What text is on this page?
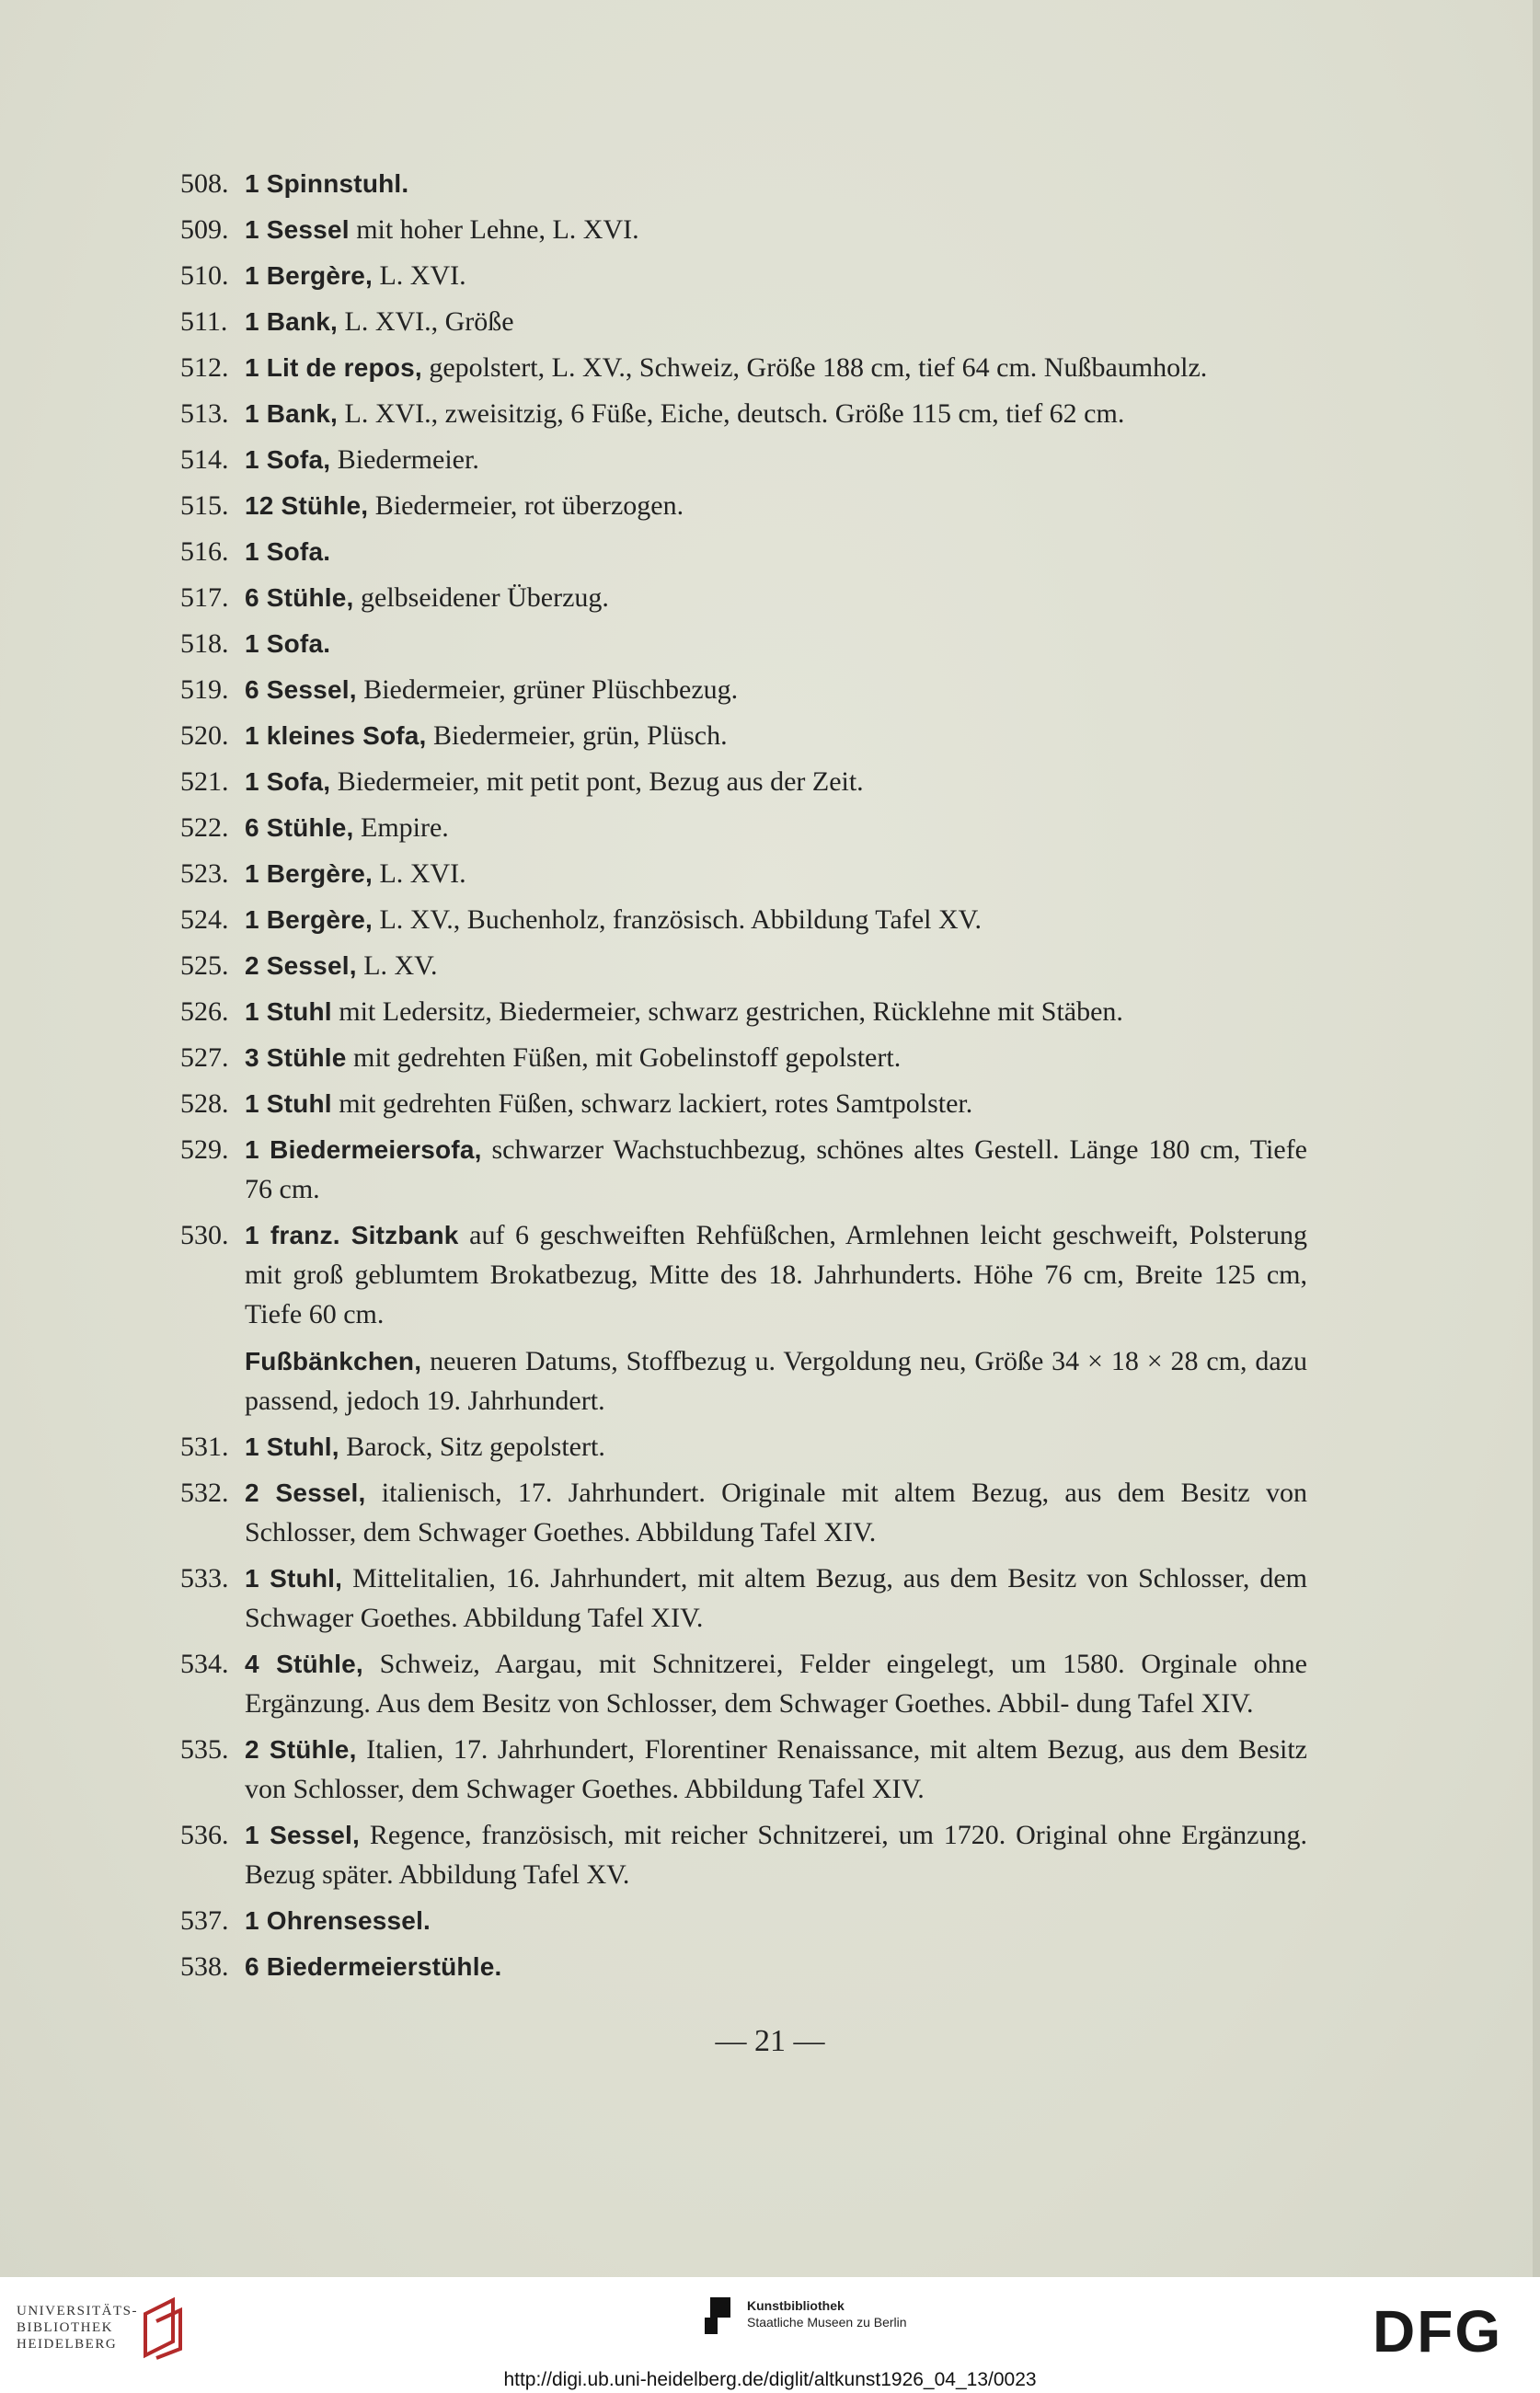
508. 1 Spinnstuhl.
509. 1 Sessel mit hoher Lehne, L. XVI.
510. 1 Bergère, L. XVI.
511. 1 Bank, L. XVI., Größe
512. 1 Lit de repos, gepolstert, L. XV., Schweiz, Größe 188 cm, tief 64 cm. Nußbaumholz.
513. 1 Bank, L. XVI., zweisitzig, 6 Füße, Eiche, deutsch. Größe 115 cm, tief 62 cm.
514. 1 Sofa, Biedermeier.
515. 12 Stühle, Biedermeier, rot überzogen.
516. 1 Sofa.
517. 6 Stühle, gelbseidener Überzug.
518. 1 Sofa.
519. 6 Sessel, Biedermeier, grüner Plüschbezug.
520. 1 kleines Sofa, Biedermeier, grün, Plüsch.
521. 1 Sofa, Biedermeier, mit petit pont, Bezug aus der Zeit.
522. 6 Stühle, Empire.
523. 1 Bergère, L. XVI.
524. 1 Bergère, L. XV., Buchenholz, französisch. Abbildung Tafel XV.
525. 2 Sessel, L. XV.
526. 1 Stuhl mit Ledersitz, Biedermeier, schwarz gestrichen, Rücklehne mit Stäben.
527. 3 Stühle mit gedrehten Füßen, mit Gobelinstoff gepolstert.
528. 1 Stuhl mit gedrehten Füßen, schwarz lackiert, rotes Samtpolster.
529. 1 Biedermeiersofa, schwarzer Wachstuchbezug, schönes altes Gestell. Länge 180 cm, Tiefe 76 cm.
530. 1 franz. Sitzbank auf 6 geschweiften Rehfüßchen, Armlehnen leicht geschweift, Polsterung mit groß geblumtem Brokatbezug, Mitte des 18. Jahrhunderts. Höhe 76 cm, Breite 125 cm, Tiefe 60 cm.
Fußbänkchen, neueren Datums, Stoffbezug u. Vergoldung neu, Größe 34 × 18 × 28 cm, dazu passend, jedoch 19. Jahrhundert.
531. 1 Stuhl, Barock, Sitz gepolstert.
532. 2 Sessel, italienisch, 17. Jahrhundert. Originale mit altem Bezug, aus dem Besitz von Schlosser, dem Schwager Goethes. Abbildung Tafel XIV.
533. 1 Stuhl, Mittelitalien, 16. Jahrhundert, mit altem Bezug, aus dem Besitz von Schlosser, dem Schwager Goethes. Abbildung Tafel XIV.
534. 4 Stühle, Schweiz, Aargau, mit Schnitzerei, Felder eingelegt, um 1580. Orginale ohne Ergänzung. Aus dem Besitz von Schlosser, dem Schwager Goethes. Abbil- dung Tafel XIV.
535. 2 Stühle, Italien, 17. Jahrhundert, Florentiner Renaissance, mit altem Bezug, aus dem Besitz von Schlosser, dem Schwager Goethes. Abbildung Tafel XIV.
536. 1 Sessel, Regence, französisch, mit reicher Schnitzerei, um 1720. Original ohne Ergänzung. Bezug später. Abbildung Tafel XV.
537. 1 Ohrensessel.
538. 6 Biedermeierstühle.
— 21 —
UNIVERSITÄTS-
BIBLIOTHEK
HEIDELBERG
Kunstbibliothek
Staatliche Museen zu Berlin	DFG
http://digi.ub.uni-heidelberg.de/diglit/altkunst1926_04_13/0023
